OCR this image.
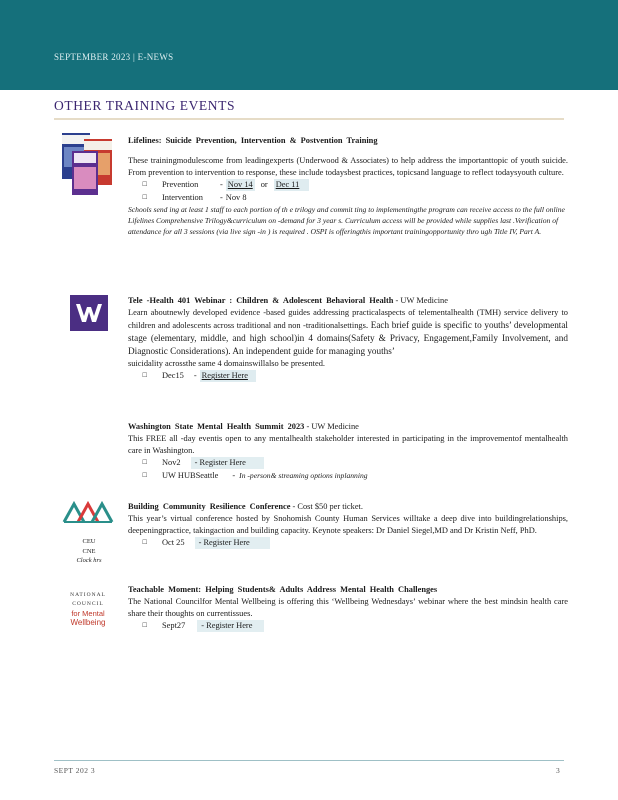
SEPTEMBER 2023 | E-NEWS
OTHER TRAINING EVENTS

Lifelines: Suicide Prevention, Intervention & Postvention Training

These trainingmodulescome from leadingexperts (Underwood & Associates) to help address the importanttopic of youth suicide. From prevention to intervention to response, these include todaysbest practices, topicsand language to reflect todaysyouth culture.

☐	Prevention	- Nov 14 or Dec 11
☐	Intervention	- Nov 8

Schools send ing at least 1 staff to each portion of th e trilogy and commit ting to implementingthe program can receive access to the full online Lifelines Comprehensive Trilogy&curriculum on -demand for 3 year s. Curriculum access will be provided while supplies last .Verification of attendance for all 3 sessions (via live sign -in ) is required . OSPI is offeringthis important trainingopportunity thro ugh Title IV, Part A.

Tele -Health 401 Webinar : Children & Adolescent Behavioral Health - UW Medicine

Learn aboutnewly developed evidence -based guides addressing practicalaspects of telementalhealth (TMH) service delivery to children and adolescents across traditional and non -traditionalsettings. Each brief guide is specific to youths’ developmental stage (elementary, middle, and high school)in 4 domains(Safety & Privacy, Engagement,Family Involvement, and Diagnostic Considerations). An independent guide for managing youths’

suicidality acrossthe same 4 domainswillalso be presented.

☐	Dec15 - Register Here

Washington State Mental Health Summit 2023 - UW Medicine

This FREE all -day eventis open to any mentalhealth stakeholder interested in participating in the improvementof mentalhealth care in Washington.

☐	Nov2	- Register Here
☐	UW HUBSeattle - In -person& streaming options inplanning
CEU
CNE
Clock hrs

Building Community Resilience Conference - Cost $50 per ticket.

This year’s virtual conference hosted by Snohomish County Human Services willtake a deep dive into buildingrelationships, deepeningpractice, takingaction and building capacity. Keynote speakers: Dr Daniel Siegel,MD and Dr Kristin Neff, PhD.

☐	Oct 25	- Register Here
NATIONAL
COUNCIL
for Mental
Wellbeing

Teachable Moment: Helping Students& Adults Address Mental Health Challenges

The National Councilfor Mental Wellbeing is offering this ‘Wellbeing Wednesdays’ webinar where the best mindsin health care share their thoughts on currentissues.

☐	Sept27	- Register Here
SEPT 202 3	3
